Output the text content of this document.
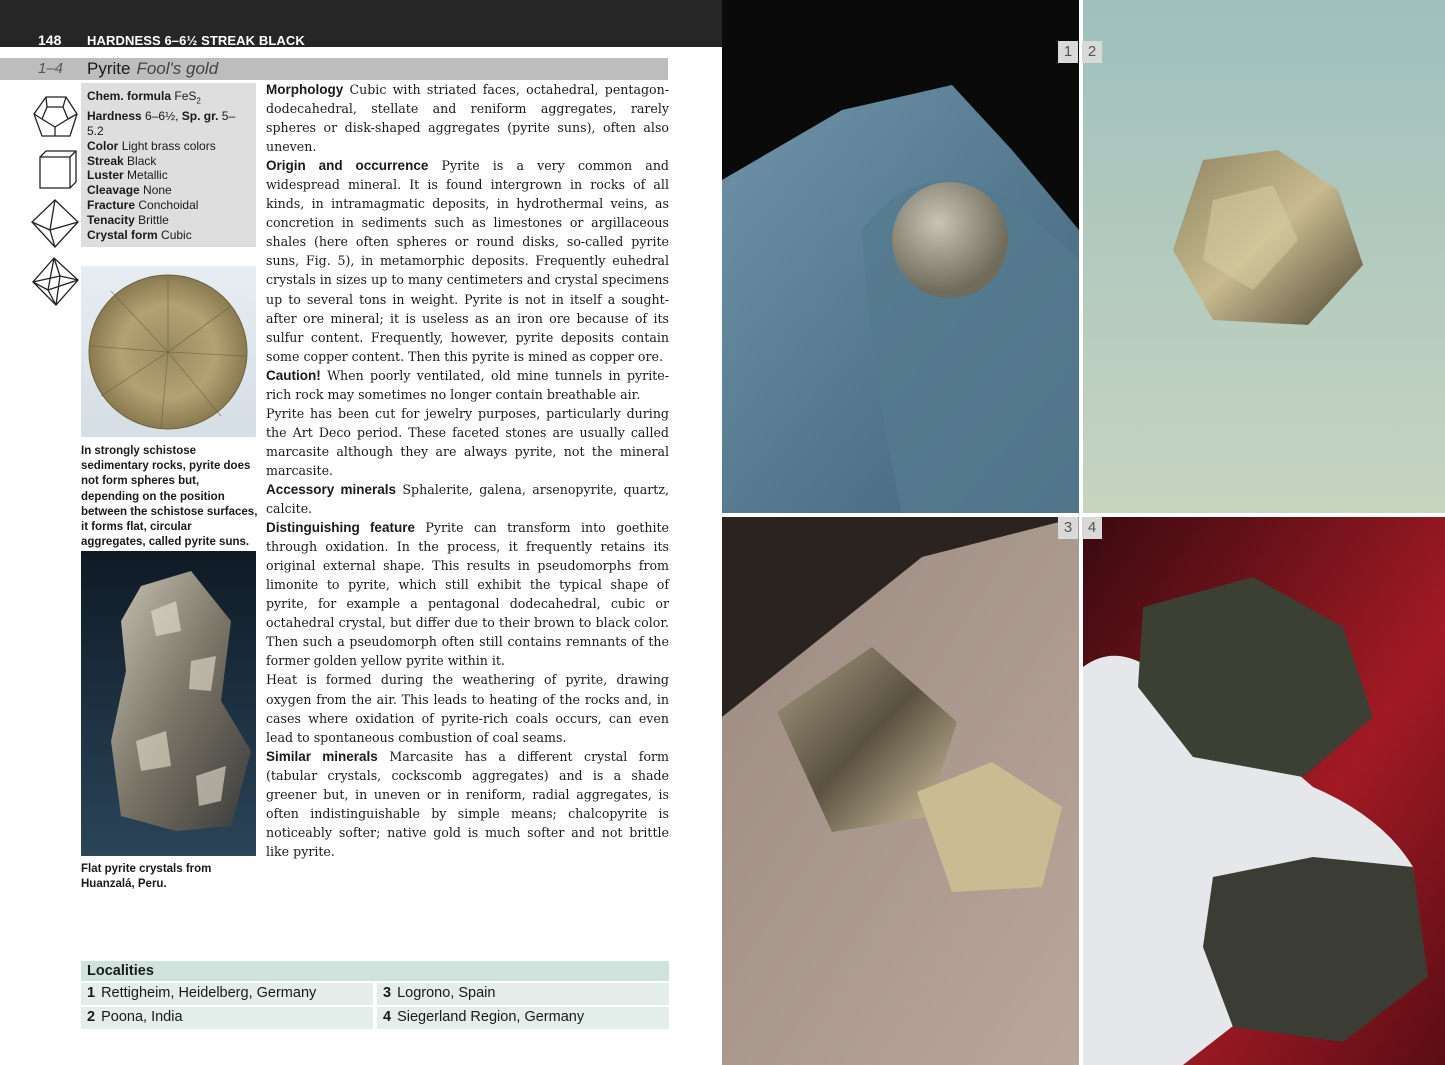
148 HARDNESS 6–6½ STREAK BLACK
1–4 Pyrite Fool's gold
Chem. formula FeS$_2$
Hardness 6–6½, Sp. gr. 5–5.2
Color Light brass colors
Streak Black
Luster Metallic
Cleavage None
Fracture Conchoidal
Tenacity Brittle
Crystal form Cubic
In strongly schistose sedimentary rocks, pyrite does not form spheres but, depending on the position between the schistose surfaces, it forms flat, circular aggregates, called pyrite suns.
Flat pyrite crystals from Huanzalá, Peru.

Morphology Cubic with striated faces, octahedral, pentagon-dodecahedral, stellate and reniform aggregates, rarely spheres or disk-shaped aggregates (pyrite suns), often also uneven.

Origin and occurrence Pyrite is a very common and widespread mineral. It is found intergrown in rocks of all kinds, in intramagmatic deposits, in hydrothermal veins, as concretion in sediments such as limestones or argillaceous shales (here often spheres or round disks, so-called pyrite suns, Fig. 5), in metamorphic deposits. Frequently euhedral crystals in sizes up to many centimeters and crystal specimens up to several tons in weight. Pyrite is not in itself a sought-after ore mineral; it is useless as an iron ore because of its sulfur content. Frequently, however, pyrite deposits contain some copper content. Then this pyrite is mined as copper ore.

Caution! When poorly ventilated, old mine tunnels in pyrite-rich rock may sometimes no longer contain breathable air.

Pyrite has been cut for jewelry purposes, particularly during the Art Deco period. These faceted stones are usually called marcasite although they are always pyrite, not the mineral marcasite.

Accessory minerals Sphalerite, galena, arsenopyrite, quartz, calcite.

Distinguishing feature Pyrite can transform into goethite through oxidation. In the process, it frequently retains its original external shape. This results in pseudomorphs from limonite to pyrite, which still exhibit the typical shape of pyrite, for example a pentagonal dodecahedral, cubic or octahedral crystal, but differ due to their brown to black color. Then such a pseudomorph often still contains remnants of the former golden yellow pyrite within it.

Heat is formed during the weathering of pyrite, drawing oxygen from the air. This leads to heating of the rocks and, in cases where oxidation of pyrite-rich coals occurs, can even lead to spontaneous combustion of coal seams.

Similar minerals Marcasite has a different crystal form (tabular crystals, cockscomb aggregates) and is a shade greener but, in uneven or in reniform, radial aggregates, is often indistinguishable by simple means; chalcopyrite is noticeably softer; native gold is much softer and not brittle like pyrite.

Localities
1 Rettigheim, Heidelberg, Germany	3 Logrono, Spain
2 Poona, India	4 Siegerland Region, Germany
1	2
3	4
